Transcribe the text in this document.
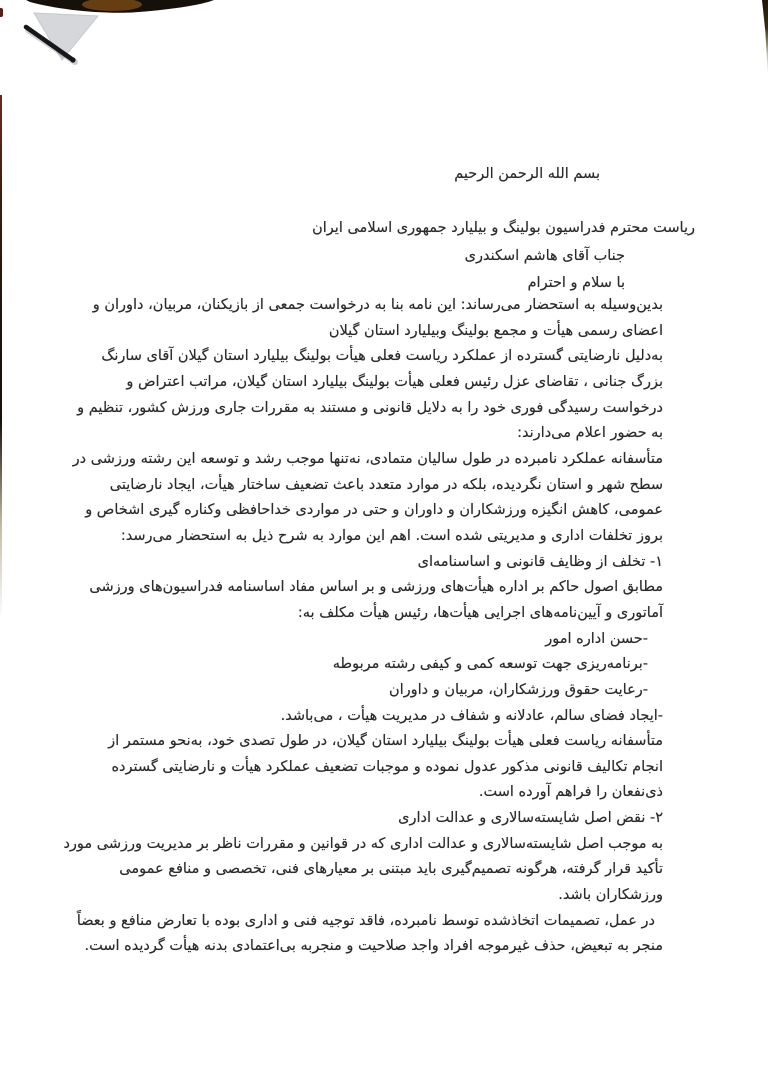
بسم الله الرحمن الرحیم
ریاست محترم فدراسیون بولینگ و بیلیارد جمهوری اسلامی ایران
جناب آقای هاشم اسکندری
با سلام و احترام
بدین‌وسیله به استحضار می‌رساند: این نامه بنا به درخواست جمعی از بازیکنان، مربیان، داوران و
اعضای رسمی هیأت و مجمع بولینگ وبیلیارد استان گیلان
به‌دلیل نارضایتی گسترده از عملکرد ریاست فعلی هیأت بولینگ بیلیارد استان گیلان آقای سارنگ
بزرگ جنانی ، تقاضای عزل رئیس فعلی هیأت بولینگ بیلیارد استان گیلان، مراتب اعتراض و
درخواست رسیدگی فوری خود را به دلایل قانونی و مستند به مقررات جاری ورزش کشور، تنظیم و
به حضور اعلام می‌دارند:
متأسفانه عملکرد نامبرده در طول سالیان متمادی، نه‌تنها موجب رشد و توسعه این رشته ورزشی در
سطح شهر و استان نگردیده، بلکه در موارد متعدد باعث تضعیف ساختار هیأت، ایجاد نارضایتی
عمومی، کاهش انگیزه ورزشکاران و داوران و حتی در مواردی خداحافظی وکناره گیری اشخاص و
بروز تخلفات اداری و مدیریتی شده است. اهم این موارد به شرح ذیل به استحضار می‌رسد:
١- تخلف از وظایف قانونی و اساسنامه‌ای
مطابق اصول حاکم بر اداره هیأت‌های ورزشی و بر اساس مفاد اساسنامه فدراسیون‌های ورزشی
آماتوری و آیین‌نامه‌های اجرایی هیأت‌ها، رئیس هیأت مکلف به:
-حسن اداره امور
-برنامه‌ریزی جهت توسعه کمی و کیفی رشته مربوطه
-رعایت حقوق ورزشکاران، مربیان و داوران
-ایجاد فضای سالم، عادلانه و شفاف در مدیریت هیأت ، می‌باشد.
متأسفانه ریاست فعلی هیأت بولینگ بیلیارد استان گیلان، در طول تصدی خود، به‌نحو مستمر از
انجام تکالیف قانونی مذکور عدول نموده و موجبات تضعیف عملکرد هیأت و نارضایتی گسترده
ذی‌نفعان را فراهم آورده است.
٢- نقض اصل شایسته‌سالاری و عدالت اداری
به موجب اصل شایسته‌سالاری و عدالت اداری که در قوانین و مقررات ناظر بر مدیریت ورزشی مورد
تأکید قرار گرفته، هرگونه تصمیم‌گیری باید مبتنی بر معیارهای فنی، تخصصی و منافع عمومی
ورزشکاران باشد.
در عمل، تصمیمات اتخاذشده توسط نامبرده، فاقد توجیه فنی و اداری بوده با تعارض منافع و بعضاً
منجر به تبعیض، حذف غیرموجه افراد واجد صلاحیت و منجربه بی‌اعتمادی بدنه هیأت گردیده است.
